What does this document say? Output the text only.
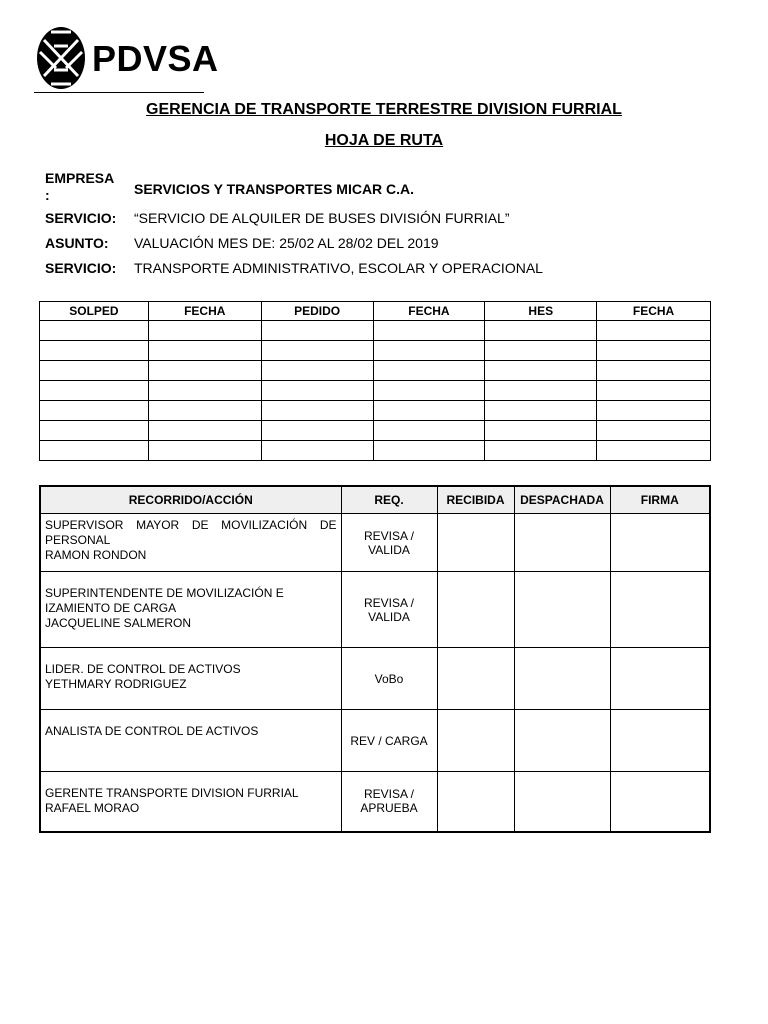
PDVSA
GERENCIA DE TRANSPORTE TERRESTRE DIVISION FURRIAL
HOJA DE RUTA
EMPRESA
:	SERVICIOS Y TRANSPORTES MICAR C.A.
SERVICIO: “SERVICIO DE ALQUILER DE BUSES DIVISIÓN FURRIAL”
ASUNTO: VALUACIÓN MES DE: 25/02 AL 28/02 DEL 2019
SERVICIO: TRANSPORTE ADMINISTRATIVO, ESCOLAR Y OPERACIONAL
SOLPED	FECHA	PEDIDO	FECHA	HES	FECHA

RECORRIDO/ACCIÓN	REQ.	RECIBIDA	DESPACHADA	FIRMA

SUPERVISOR MAYOR DE MOVILIZACIÓN DE
PERSONAL
RAMON RONDON	REVISA /
VALIDA			

SUPERINTENDENTE DE MOVILIZACIÓN E
IZAMIENTO DE CARGA
JACQUELINE SALMERON	REVISA /
VALIDA			

LIDER. DE CONTROL DE ACTIVOS
YETHMARY RODRIGUEZ	VoBo			

ANALISTA DE CONTROL DE ACTIVOS	REV / CARGA			

GERENTE TRANSPORTE DIVISION FURRIAL
RAFAEL MORAO	REVISA /
APRUEBA			
